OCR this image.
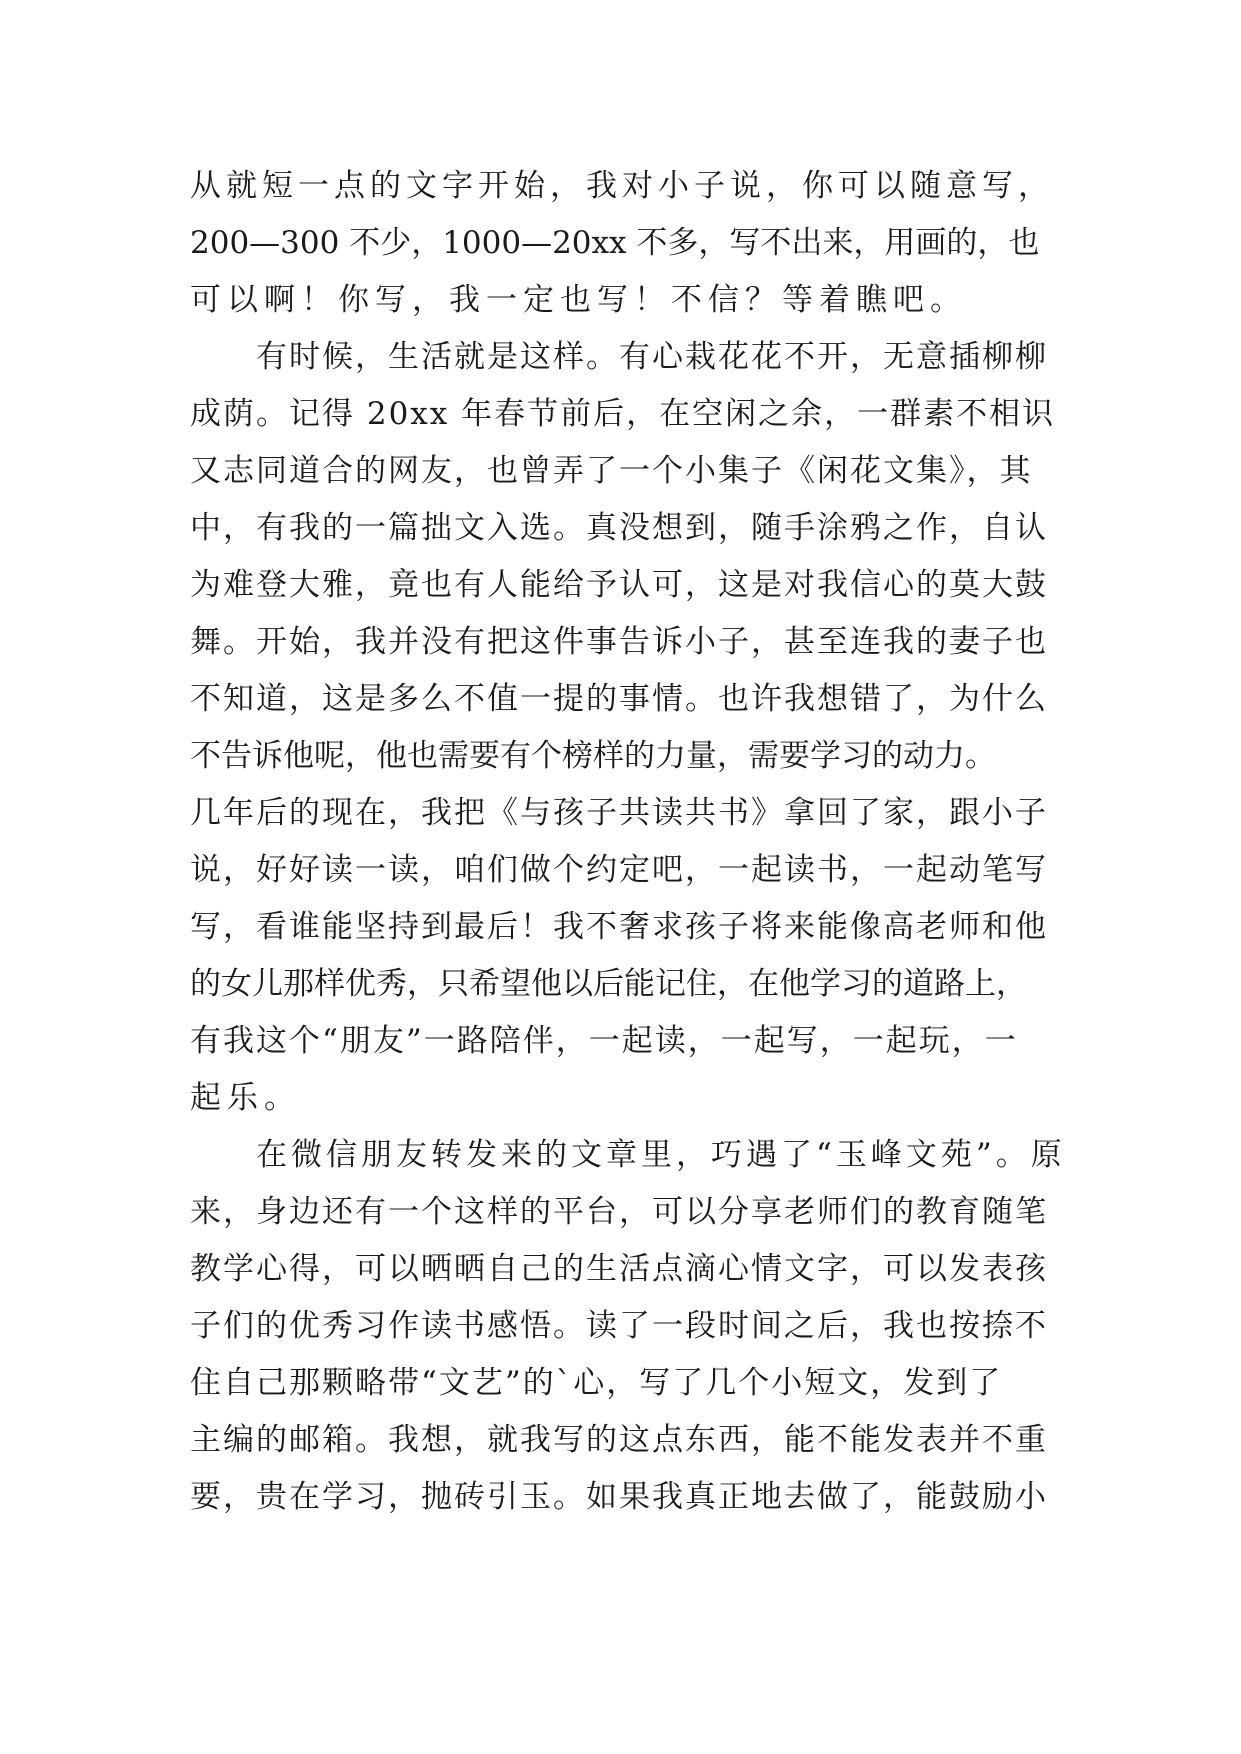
从就短一点的文字开始，我对小子说，你可以随意写，
200—300 不少，1000—20xx 不多，写不出来，用画的，也
可以啊！你写，我一定也写！不信？等着瞧吧。
有时候，生活就是这样。有心栽花花不开，无意插柳柳
成荫。记得 20xx 年春节前后，在空闲之余，一群素不相识
又志同道合的网友，也曾弄了一个小集子《闲花文集》，其
中，有我的一篇拙文入选。真没想到，随手涂鸦之作，自认
为难登大雅，竟也有人能给予认可，这是对我信心的莫大鼓
舞。开始，我并没有把这件事告诉小子，甚至连我的妻子也
不知道，这是多么不值一提的事情。也许我想错了，为什么
不告诉他呢，他也需要有个榜样的力量，需要学习的动力。
几年后的现在，我把《与孩子共读共书》拿回了家，跟小子
说，好好读一读，咱们做个约定吧，一起读书，一起动笔写
写，看谁能坚持到最后！我不奢求孩子将来能像高老师和他
的女儿那样优秀，只希望他以后能记住，在他学习的道路上，
有我这个“朋友”一路陪伴，一起读，一起写，一起玩，一
起乐。
在微信朋友转发来的文章里，巧遇了“玉峰文苑”。原
来，身边还有一个这样的平台，可以分享老师们的教育随笔
教学心得，可以晒晒自己的生活点滴心情文字，可以发表孩
子们的优秀习作读书感悟。读了一段时间之后，我也按捺不
住自己那颗略带“文艺”的`心，写了几个小短文，发到了
主编的邮箱。我想，就我写的这点东西，能不能发表并不重
要，贵在学习，抛砖引玉。如果我真正地去做了，能鼓励小
